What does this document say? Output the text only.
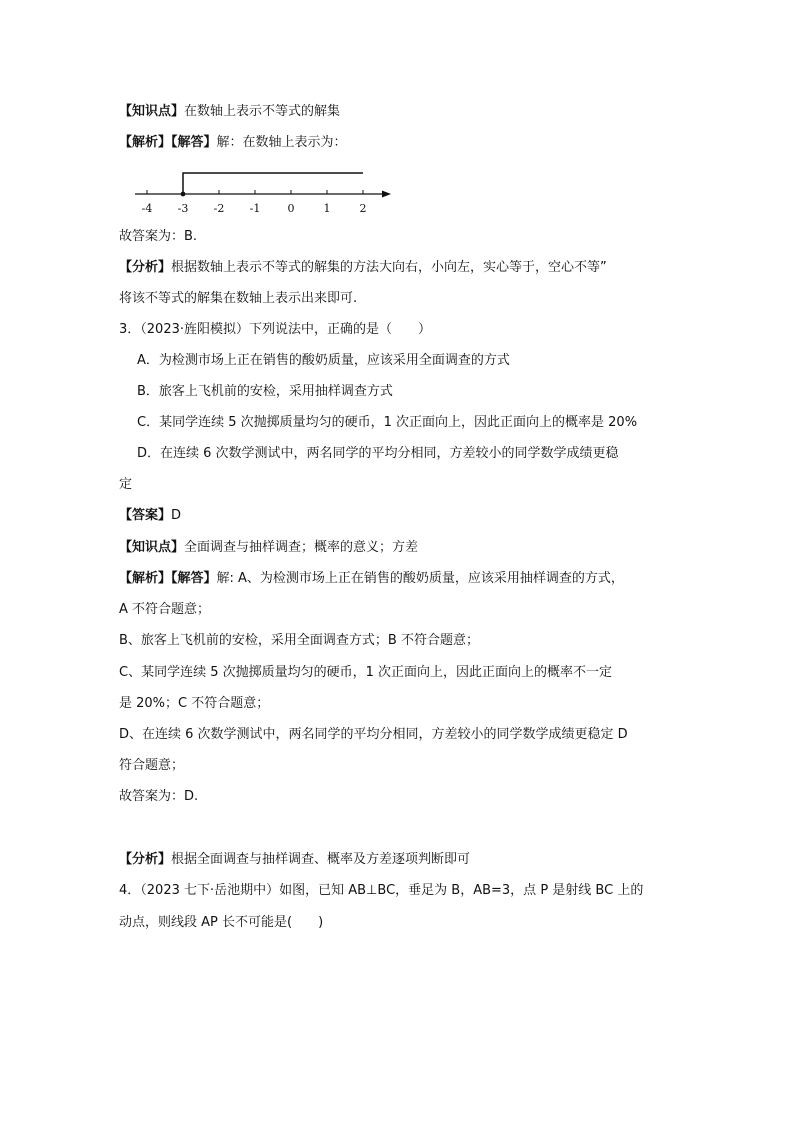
【知识点】在数轴上表示不等式的解集
【解析】【解答】解：在数轴上表示为：
-4 -3 -2 -1 0	1	2
故答案为：B.
【分析】根据数轴上表示不等式的解集的方法大向右，小向左，实心等于，空心不等”
将该不等式的解集在数轴上表示出来即可.
3．（2023·旌阳模拟）下列说法中，正确的是（　　）
A．为检测市场上正在销售的酸奶质量，应该采用全面调查的方式
B．旅客上飞机前的安检，采用抽样调查方式
C．某同学连续 5 次抛掷质量均匀的硬币，1 次正面向上，因此正面向上的概率是 20%
D．在连续 6 次数学测试中，两名同学的平均分相同，方差较小的同学数学成绩更稳
定
【答案】D
【知识点】全面调查与抽样调查；概率的意义；方差
【解析】【解答】解: A、为检测市场上正在销售的酸奶质量，应该采用抽样调查的方式，
A 不符合题意；
B、旅客上飞机前的安检，采用全面调查方式；B 不符合题意；
C、某同学连续 5 次抛掷质量均匀的硬币，1 次正面向上，因此正面向上的概率不一定
是 20%；C 不符合题意；
D、在连续 6 次数学测试中，两名同学的平均分相同，方差较小的同学数学成绩更稳定 D
符合题意；
故答案为：D.
【分析】根据全面调查与抽样调查、概率及方差逐项判断即可
4．（2023 七下·岳池期中）如图，已知 AB⊥BC，垂足为 B，AB=3，点 P 是射线 BC 上的
动点，则线段 AP 长不可能是(　　)
